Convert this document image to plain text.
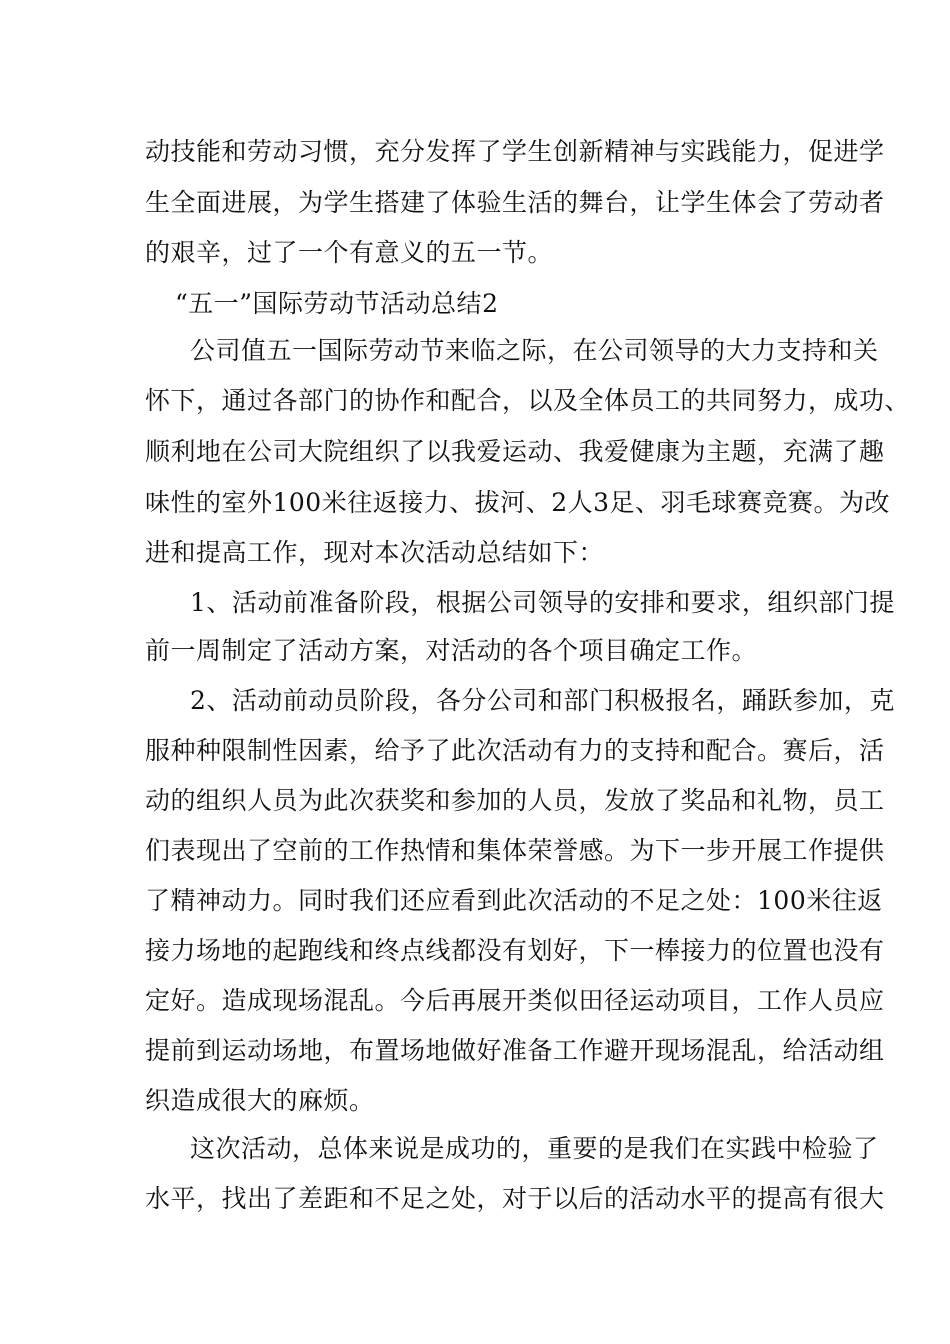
动技能和劳动习惯，充分发挥了学生创新精神与实践能力，促进学
生全面进展，为学生搭建了体验生活的舞台，让学生体会了劳动者
的艰辛，过了一个有意义的五一节。
“五一”国际劳动节活动总结2
公司值五一国际劳动节来临之际，在公司领导的大力支持和关
怀下，通过各部门的协作和配合，以及全体员工的共同努力，成功、
顺利地在公司大院组织了以我爱运动、我爱健康为主题，充满了趣
味性的室外100米往返接力、拔河、2人3足、羽毛球赛竞赛。为改
进和提高工作，现对本次活动总结如下：
1、活动前准备阶段，根据公司领导的安排和要求，组织部门提
前一周制定了活动方案，对活动的各个项目确定工作。
2、活动前动员阶段，各分公司和部门积极报名，踊跃参加，克
服种种限制性因素，给予了此次活动有力的支持和配合。赛后，活
动的组织人员为此次获奖和参加的人员，发放了奖品和礼物，员工
们表现出了空前的工作热情和集体荣誉感。为下一步开展工作提供
了精神动力。同时我们还应看到此次活动的不足之处：100米往返
接力场地的起跑线和终点线都没有划好，下一棒接力的位置也没有
定好。造成现场混乱。今后再展开类似田径运动项目，工作人员应
提前到运动场地，布置场地做好准备工作避开现场混乱，给活动组
织造成很大的麻烦。
这次活动，总体来说是成功的，重要的是我们在实践中检验了
水平，找出了差距和不足之处，对于以后的活动水平的提高有很大
